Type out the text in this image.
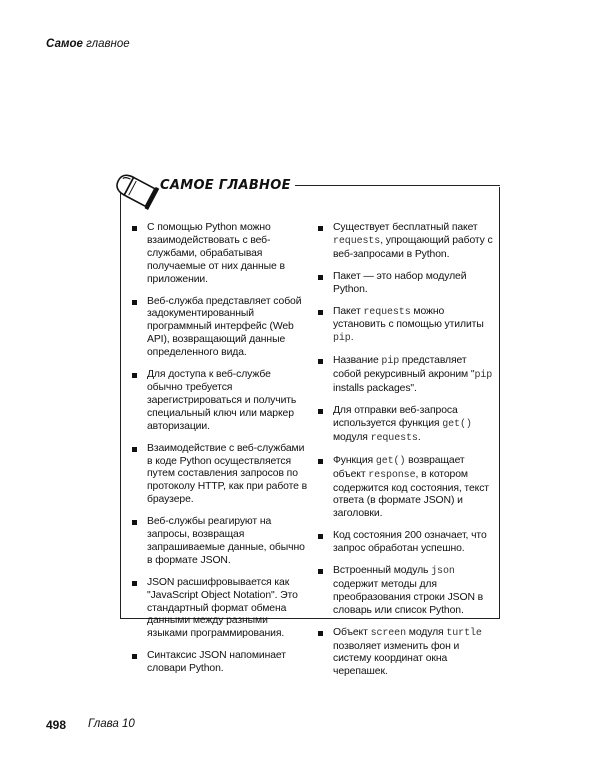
Самое главное
САМОЕ ГЛАВНОЕ
С помощью Python можно взаимодействовать с веб-службами, обрабатывая получаемые от них данные в приложении.
Веб-служба представляет собой задокументированный программный интерфейс (Web API), возвращающий данные определенного вида.
Для доступа к веб-службе обычно требуется зарегистрироваться и получить специальный ключ или маркер авторизации.
Взаимодействие с веб-службами в коде Python осуществляется путем составления запросов по протоколу HTTP, как при работе в браузере.
Веб-службы реагируют на запросы, возвращая запрашиваемые данные, обычно в формате JSON.
JSON расшифровывается как "JavaScript Object Notation". Это стандартный формат обмена данными между разными языками программирования.
Синтаксис JSON напоминает словари Python.
Существует бесплатный пакет requests, упрощающий работу с веб-запросами в Python.
Пакет — это набор модулей Python.
Пакет requests можно установить с помощью утилиты pip.
Название pip представляет собой рекурсивный акроним "pip installs packages".
Для отправки веб-запроса используется функция get() модуля requests.
Функция get() возвращает объект response, в котором содержится код состояния, текст ответа (в формате JSON) и заголовки.
Код состояния 200 означает, что запрос обработан успешно.
Встроенный модуль json содержит методы для преобразования строки JSON в словарь или список Python.
Объект screen модуля turtle позволяет изменить фон и систему координат окна черепашек.
498 Глава 10
